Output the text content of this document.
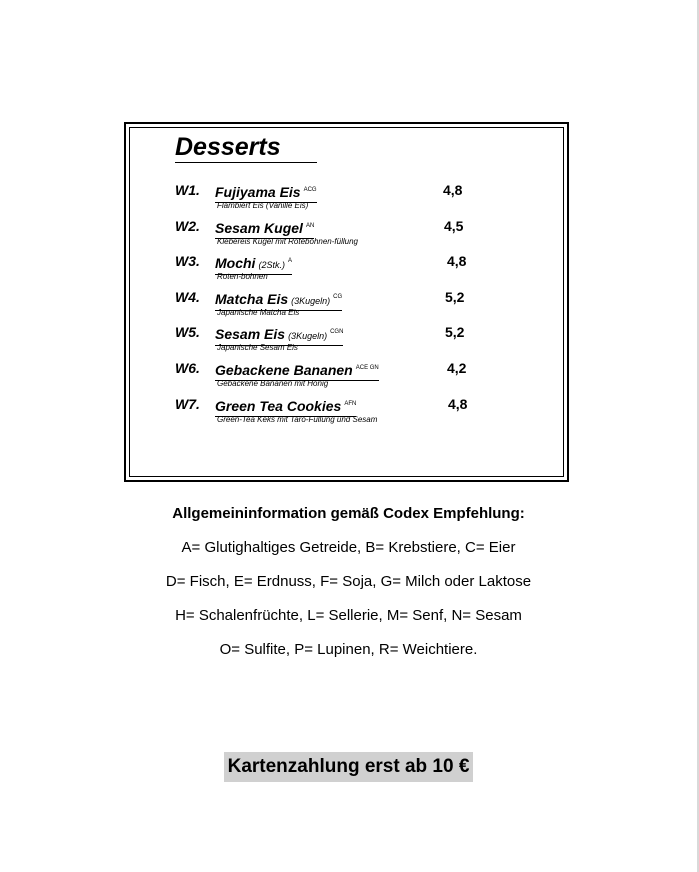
Desserts
W1. Fujiyama Eis $^{ACG}$
Flambiert Eis (Vanille Eis)
4,8
W2. Sesam Kugel $^{AN}$
Klebereis Kugel mit Rotebohnen-füllung
4,5
W3. Mochi (2Stk.) $^A$
Roten-bohnen
4,8
W4. Matcha Eis (3Kugeln) $^{CG}$
Japanische Matcha Eis
5,2
W5. Sesam Eis (3Kugeln) $^{CGN}$
Japanische Sesam Eis
5,2
W6. Gebackene Bananen $^{ACE GN}$
Gebackene Bananen mit Honig
4,2
W7. Green Tea Cookies $^{AFN}$
Green-Tea Keks mit Taro-Füllung und Sesam
4,8
Allgemeininformation gemäß Codex Empfehlung:
A= Glutighaltiges Getreide, B= Krebstiere, C= Eier
D= Fisch, E= Erdnuss, F= Soja, G= Milch oder Laktose
H= Schalenfrüchte, L= Sellerie, M= Senf, N= Sesam
O= Sulfite, P= Lupinen, R= Weichtiere.
Kartenzahlung erst ab 10 €
